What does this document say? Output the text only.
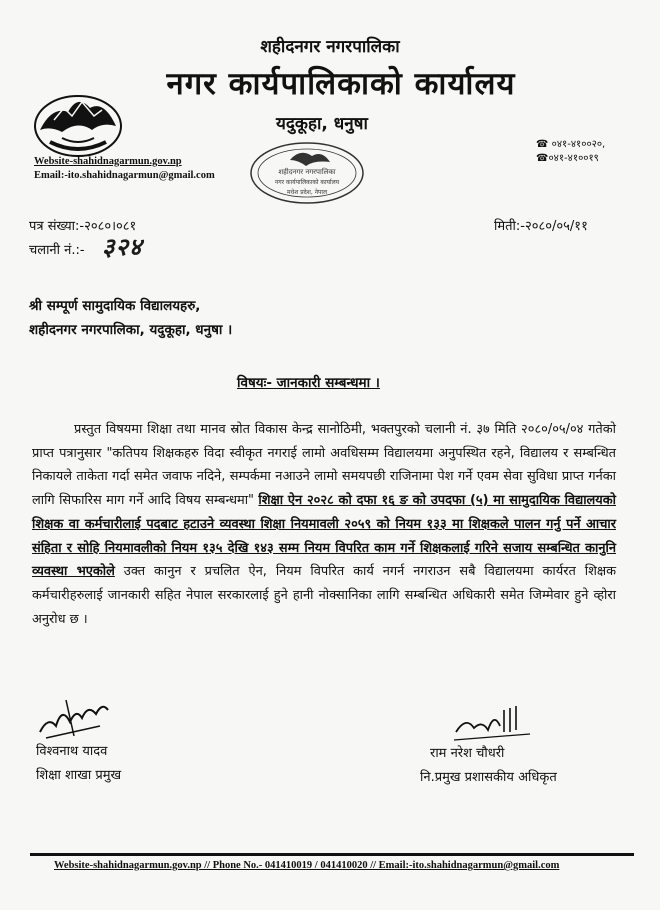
शहीदनगर नगरपालिका
नगर कार्यपालिकाको कार्यालय
यदुकूहा, धनुषा
Website-shahidnagarmun.gov.np
Email:-ito.shahidnagarmun@gmail.com
☎ ०४१-४१००२०,
☎०४१-४१००१९
शहीदनगर नगरपालिका
नगर कार्यपालिकाको कार्यालय
मधेश प्रदेश, नेपाल
पत्र संख्या:-२०८०।०८१	मिती:-२०८०/०५/११
चलानी नं.:- ३२४
श्री सम्पूर्ण सामुदायिक विद्यालयहरु,
शहीदनगर नगरपालिका, यदुकूहा, धनुषा ।
विषयः- जानकारी सम्बन्धमा ।
प्रस्तुत विषयमा शिक्षा तथा मानव स्रोत विकास केन्द्र सानोठिमी, भक्तपुरको चलानी नं. ३७ मिति २०८०/०५/०४ गतेको प्राप्त पत्रानुसार "कतिपय शिक्षकहरु विदा स्वीकृत नगराई लामो अवधिसम्म विद्यालयमा अनुपस्थित रहने, विद्यालय र सम्बन्धित निकायले ताकेता गर्दा समेत जवाफ नदिने, सम्पर्कमा नआउने लामो समयपछी राजिनामा पेश गर्ने एवम सेवा सुविधा प्राप्त गर्नका लागि सिफारिस माग गर्ने आदि विषय सम्बन्धमा" शिक्षा ऐन २०२८ को दफा १६ ङ को उपदफा (५) मा सामुदायिक विद्यालयको शिक्षक वा कर्मचारीलाई पदबाट हटाउने व्यवस्था शिक्षा नियमावली २०५९ को नियम १३३ मा शिक्षकले पालन गर्नु पर्ने आचार संहिता र सोहि नियमावलीको नियम १३५ देखि १४३ सम्म नियम विपरित काम गर्ने शिक्षकलाई गरिने सजाय सम्बन्धित कानुनि व्यवस्था भएकोले उक्त कानुन र प्रचलित ऐन, नियम विपरित कार्य नगर्न नगराउन सबै विद्यालयमा कार्यरत शिक्षक कर्मचारीहरुलाई जानकारी सहित नेपाल सरकारलाई हुने हानी नोक्सानिका लागि सम्बन्धित अधिकारी समेत जिम्मेवार हुने व्होरा अनुरोध छ ।
विश्वनाथ यादव
शिक्षा शाखा प्रमुख
राम नरेश चौधरी
नि.प्रमुख प्रशासकीय अधिकृत
Website-shahidnagarmun.gov.np // Phone No.- 041410019 / 041410020 // Email:-ito.shahidnagarmun@gmail.com
